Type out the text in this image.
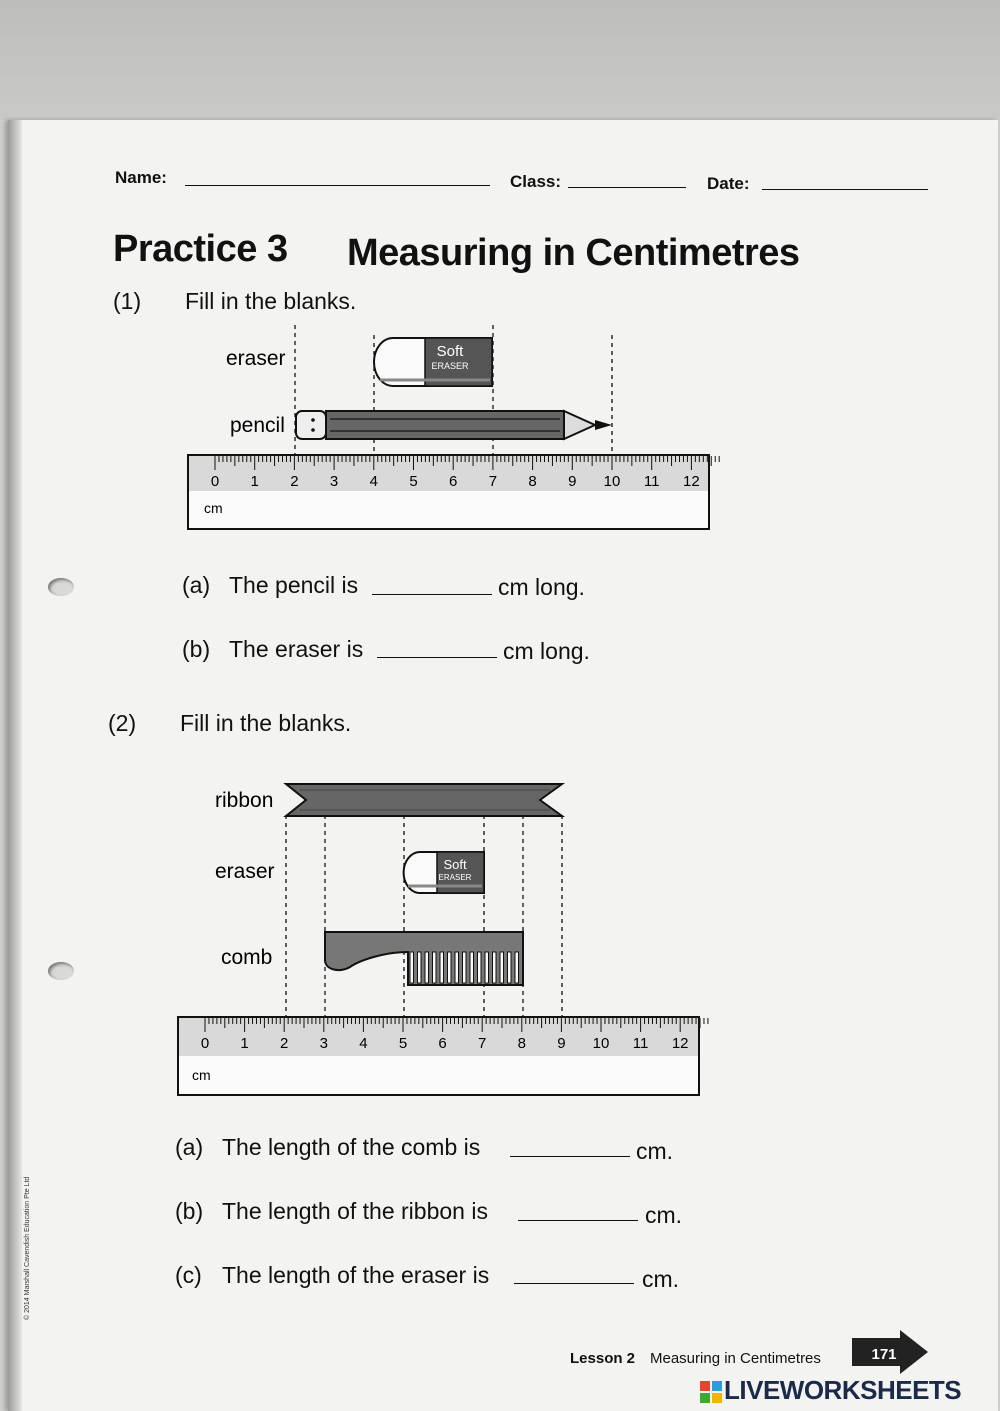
Name:	Class:	Date:
Practice 3 Measuring in Centimetres
(1) Fill in the blanks.
eraser
pencil
Soft
ERASER
0 1 2 3 4 5 6 7 8 9 10 11 12
cm
(a) The pencil is	cm long.
(b) The eraser is	cm long.
(2) Fill in the blanks.
ribbon
eraser
comb
Soft
ERASER
0 1 2 3 4 5 6 7 8 9 10 11 12
cm
(a) The length of the comb is	cm.
(b) The length of the ribbon is	cm.
(c) The length of the eraser is	cm.
Lesson 2 Measuring in Centimetres	171
© 2014 Marshall Cavendish Education Pte Ltd
LIVEWORKSHEETS
